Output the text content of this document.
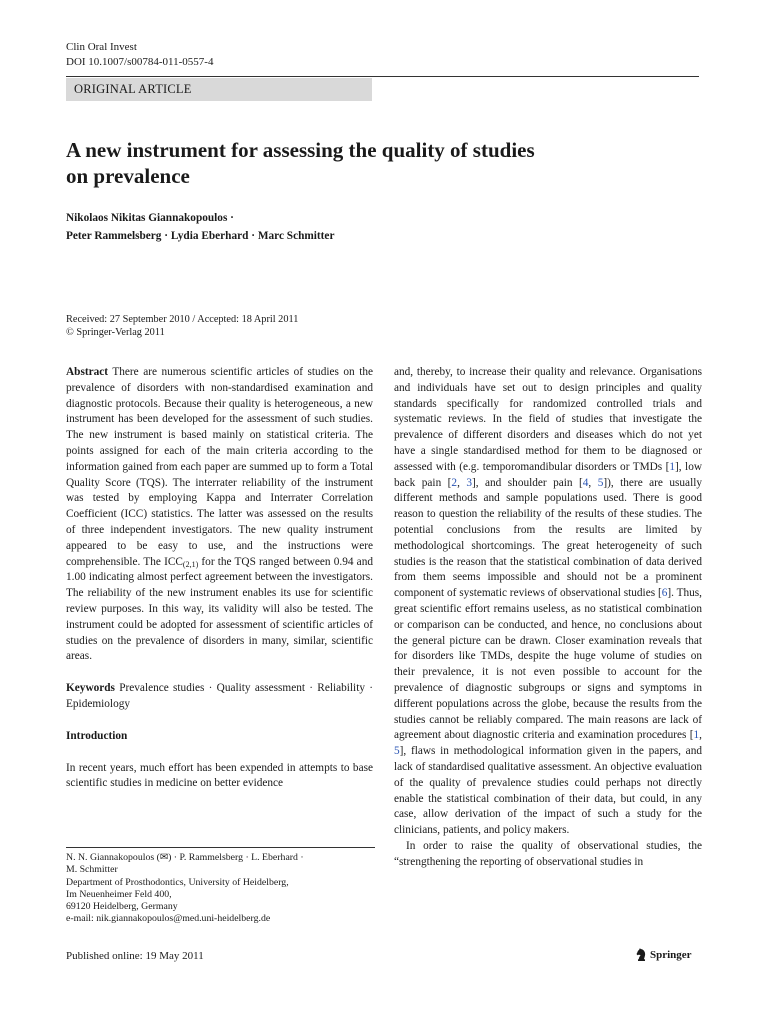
Clin Oral Invest
DOI 10.1007/s00784-011-0557-4
ORIGINAL ARTICLE
A new instrument for assessing the quality of studies
on prevalence
Nikolaos Nikitas Giannakopoulos ·
Peter Rammelsberg · Lydia Eberhard · Marc Schmitter
Received: 27 September 2010 / Accepted: 18 April 2011
© Springer-Verlag 2011

Abstract There are numerous scientific articles of studies on the prevalence of disorders with non-standardised examination and diagnostic protocols. Because their quality is heterogeneous, a new instrument has been developed for the assessment of such studies. The new instrument is based mainly on statistical criteria. The points assigned for each of the main criteria according to the information gained from each paper are summed up to form a Total Quality Score (TQS). The interrater reliability of the instrument was tested by employing Kappa and Interrater Correlation Coefficient (ICC) statistics. The latter was assessed on the results of three independent investigators. The new quality instrument appeared to be easy to use, and the instructions were comprehensible. The $ICC_{(2,1)}$ for the TQS ranged between 0.94 and 1.00 indicating almost perfect agreement between the investigators. The reliability of the new instrument enables its use for scientific review purposes. In this way, its validity will also be tested. The instrument could be adopted for assessment of scientific articles of studies on the prevalence of disorders in many, similar, scientific areas.

Keywords Prevalence studies · Quality assessment · Reliability · Epidemiology

Introduction

In recent years, much effort has been expended in attempts to base scientific studies in medicine on better evidence

and, thereby, to increase their quality and relevance. Organisations and individuals have set out to design principles and quality standards specifically for randomized controlled trials and systematic reviews. In the field of studies that investigate the prevalence of different disorders and diseases which do not yet have a single standardised method for them to be diagnosed or assessed with (e.g. temporomandibular disorders or TMDs [1], low back pain [2, 3], and shoulder pain [4, 5]), there are usually different methods and sample populations used. There is good reason to question the reliability of the results of these studies. The potential conclusions from the results are limited by methodological shortcomings. The great heterogeneity of such studies is the reason that the statistical combination of data derived from them seems impossible and should not be a prominent component of systematic reviews of observational studies [6]. Thus, great scientific effort remains useless, as no statistical combination or comparison can be conducted, and hence, no conclusions about the general picture can be drawn. Closer examination reveals that for disorders like TMDs, despite the huge volume of studies on their prevalence, it is not even possible to account for the prevalence of diagnostic subgroups or signs and symptoms in different populations across the globe, because the results from the studies cannot be reliably compared. The main reasons are lack of agreement about diagnostic criteria and examination procedures [1, 5], flaws in methodological information given in the papers, and lack of standardised qualitative assessment. An objective evaluation of the quality of prevalence studies could perhaps not directly enable the statistical combination of their data, but could, in any case, allow derivation of the impact of such a study for the clinicians, patients, and policy makers.

In order to raise the quality of observational studies, the “strengthening the reporting of observational studies in

N. N. Giannakopoulos (✉) · P. Rammelsberg · L. Eberhard ·
M. Schmitter
Department of Prosthodontics, University of Heidelberg,
Im Neuenheimer Feld 400,
69120 Heidelberg, Germany
e-mail: nik.giannakopoulos@med.uni-heidelberg.de
Published online: 19 May 2011	Springer
